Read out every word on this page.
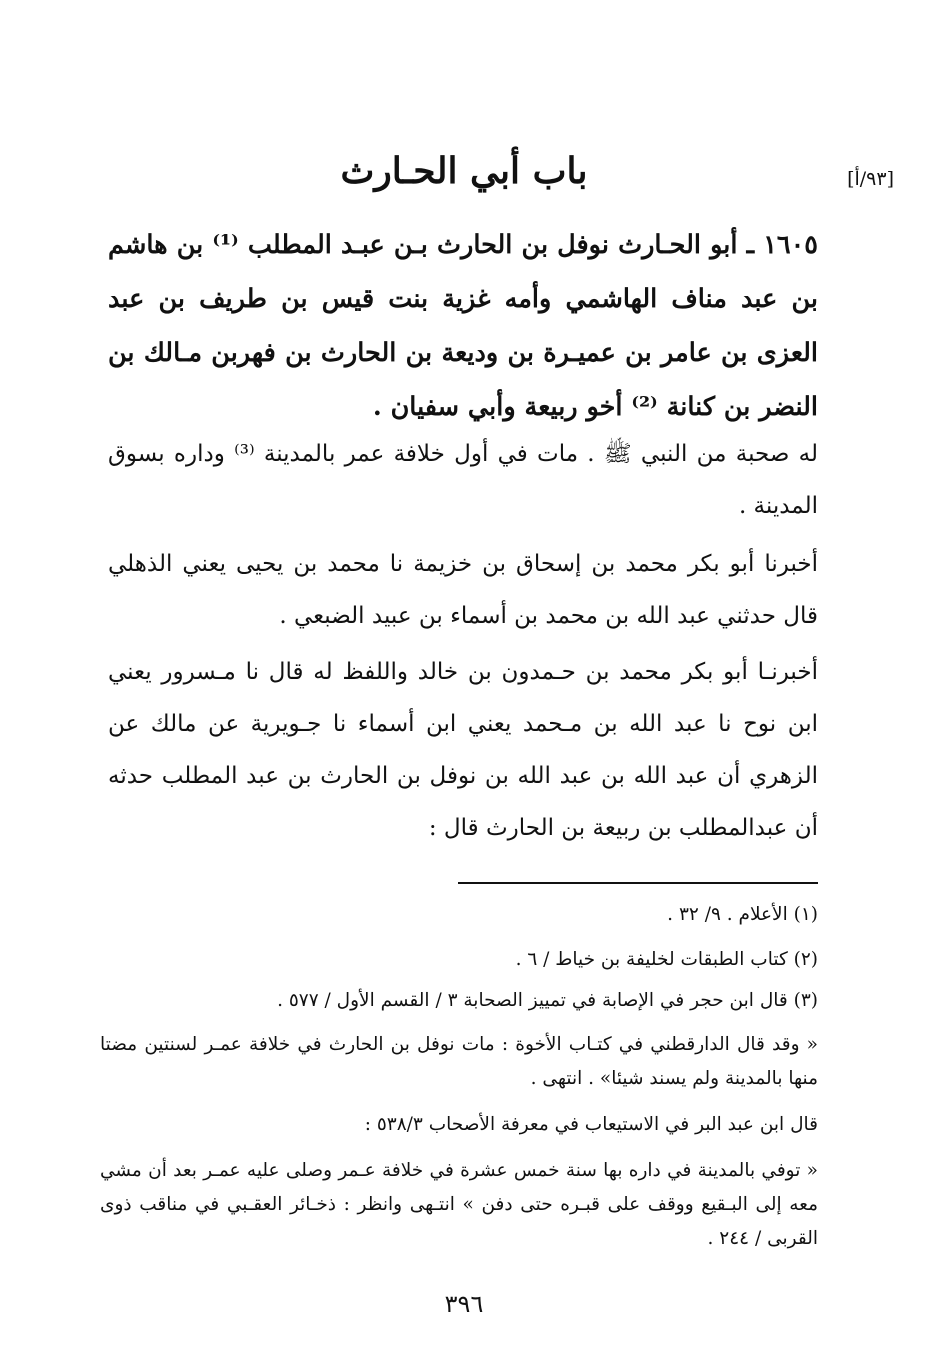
[٩٣/أ]
باب أبي الحـارث
١٦٠٥ ـ أبو الحـارث نوفل بن الحارث بـن عبـد المطلب ⁽¹⁾ بن هاشم بن عبد مناف الهاشمي وأمه غزية بنت قيس بن طريف بن عبد العزى بن عامر بن عميـرة بن وديعة بن الحارث بن فهربن مـالك بن النضر بن كنانة ⁽²⁾ أخو ربيعة وأبي سفيان .
له صحبة من النبي ﷺ . مات في أول خلافة عمر بالمدينة ⁽³⁾ وداره بسوق المدينة .
أخبرنا أبو بكر محمد بن إسحاق بن خزيمة نا محمد بن يحيى يعني الذهلي قال حدثني عبد الله بن محمد بن أسماء بن عبيد الضبعي .
أخبرنـا أبو بكر محمد بن حـمدون بن خالد واللفظ له قال نا مـسرور يعني ابن نوح نا عبد الله بن مـحمد يعني ابن أسماء نا جـويرية عن مالك عن الزهري أن عبد الله بن عبد الله بن نوفل بن الحارث بن عبد المطلب حدثه أن عبدالمطلب بن ربيعة بن الحارث قال :
(١) الأعلام . ٩/ ٣٢ .
(٢) كتاب الطبقات لخليفة بن خياط / ٦ .
(٣) قال ابن حجر في الإصابة في تمييز الصحابة ٣ / القسم الأول / ٥٧٧ .
« وقد قال الدارقطني في كتـاب الأخوة : مات نوفل بن الحارث في خلافة عمـر لسنتين مضتا منها بالمدينة ولم يسند شيئا» . انتهى .
قال ابن عبد البر في الاستيعاب في معرفة الأصحاب ٥٣٨/٣ :
« توفي بالمدينة في داره بها سنة خمس عشرة في خلافة عـمر وصلى عليه عمـر بعد أن مشي معه إلى البـقيع ووقف على قبـره حتى دفن » انتـهى وانظر : ذخـائر العقـبي في مناقب ذوى القربى / ٢٤٤ .
٣٩٦
